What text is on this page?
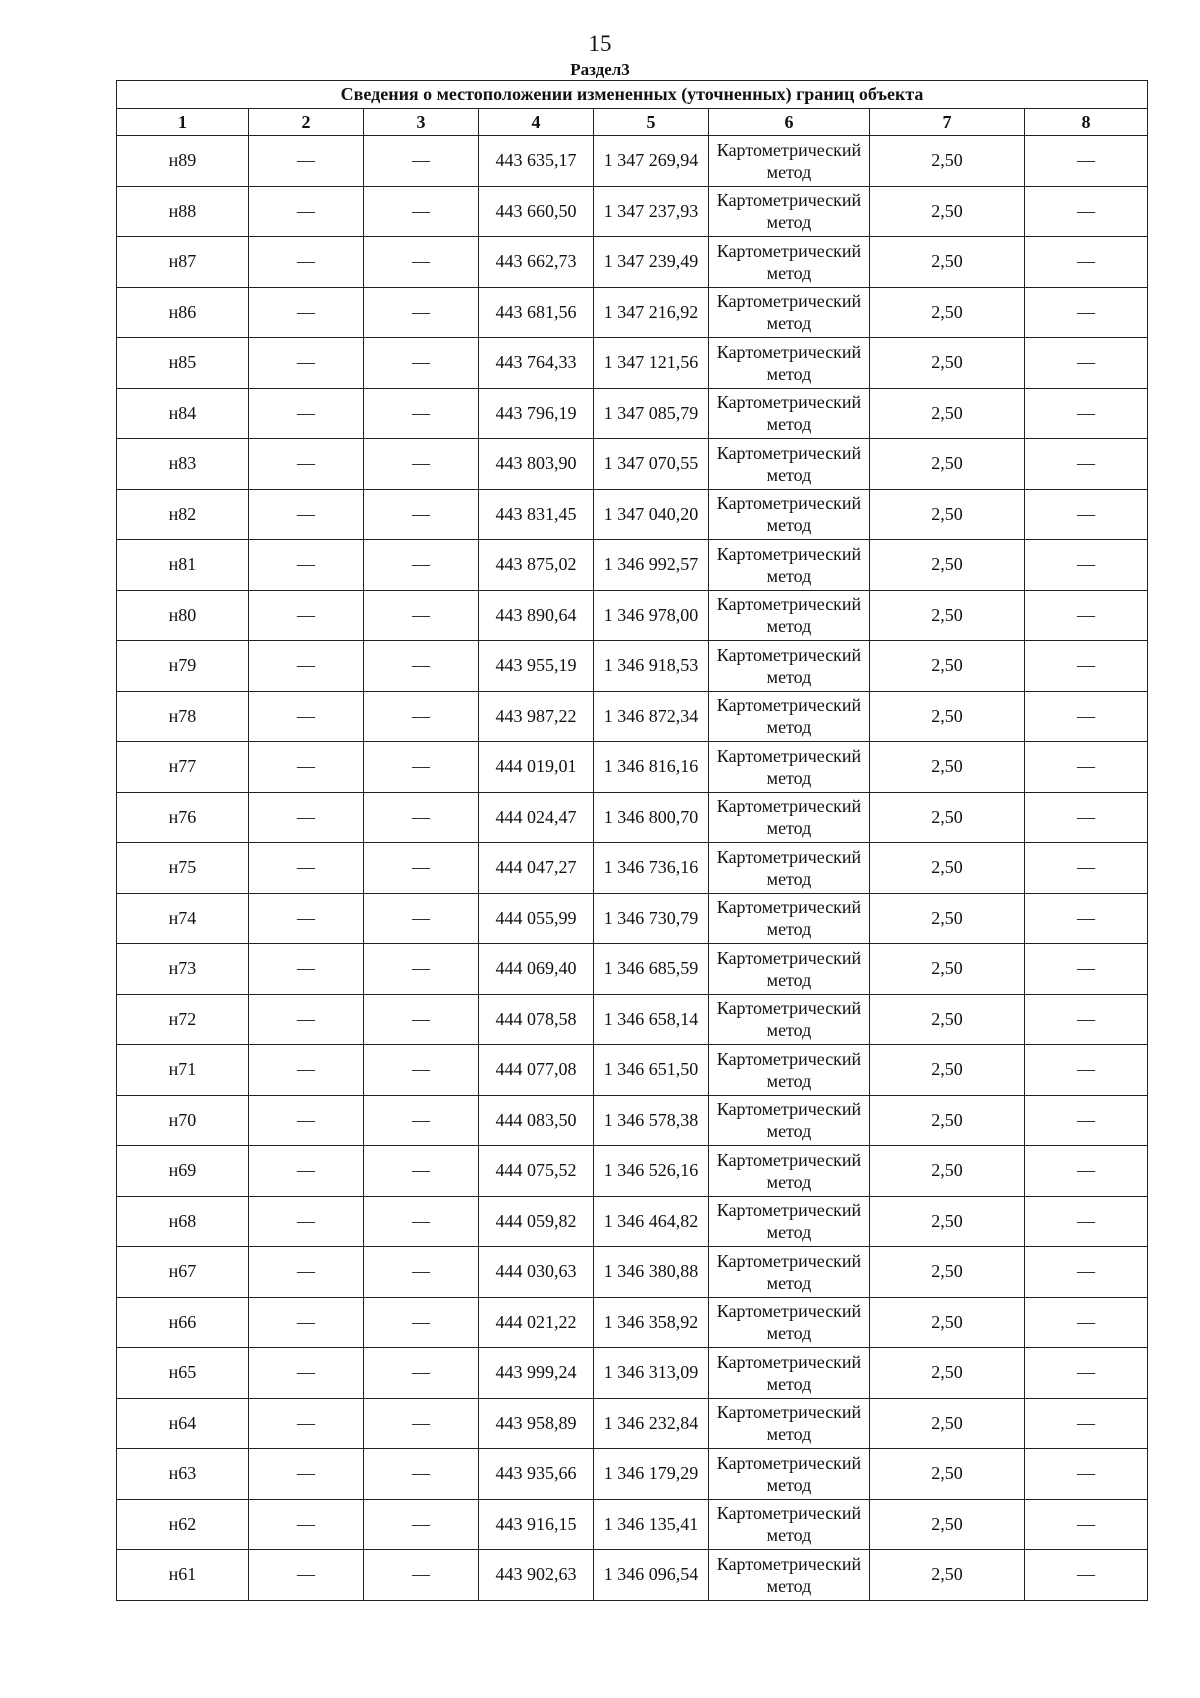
15
Раздел3
Сведения о местоположении измененных (уточненных) границ объекта							
1	2	3	4	5	6	7	8
н89	—	—	443 635,17	1 347 269,94	Картометрический метод	2,50	—
н88	—	—	443 660,50	1 347 237,93	Картометрический метод	2,50	—
н87	—	—	443 662,73	1 347 239,49	Картометрический метод	2,50	—
н86	—	—	443 681,56	1 347 216,92	Картометрический метод	2,50	—
н85	—	—	443 764,33	1 347 121,56	Картометрический метод	2,50	—
н84	—	—	443 796,19	1 347 085,79	Картометрический метод	2,50	—
н83	—	—	443 803,90	1 347 070,55	Картометрический метод	2,50	—
н82	—	—	443 831,45	1 347 040,20	Картометрический метод	2,50	—
н81	—	—	443 875,02	1 346 992,57	Картометрический метод	2,50	—
н80	—	—	443 890,64	1 346 978,00	Картометрический метод	2,50	—
н79	—	—	443 955,19	1 346 918,53	Картометрический метод	2,50	—
н78	—	—	443 987,22	1 346 872,34	Картометрический метод	2,50	—
н77	—	—	444 019,01	1 346 816,16	Картометрический метод	2,50	—
н76	—	—	444 024,47	1 346 800,70	Картометрический метод	2,50	—
н75	—	—	444 047,27	1 346 736,16	Картометрический метод	2,50	—
н74	—	—	444 055,99	1 346 730,79	Картометрический метод	2,50	—
н73	—	—	444 069,40	1 346 685,59	Картометрический метод	2,50	—
н72	—	—	444 078,58	1 346 658,14	Картометрический метод	2,50	—
н71	—	—	444 077,08	1 346 651,50	Картометрический метод	2,50	—
н70	—	—	444 083,50	1 346 578,38	Картометрический метод	2,50	—
н69	—	—	444 075,52	1 346 526,16	Картометрический метод	2,50	—
н68	—	—	444 059,82	1 346 464,82	Картометрический метод	2,50	—
н67	—	—	444 030,63	1 346 380,88	Картометрический метод	2,50	—
н66	—	—	444 021,22	1 346 358,92	Картометрический метод	2,50	—
н65	—	—	443 999,24	1 346 313,09	Картометрический метод	2,50	—
н64	—	—	443 958,89	1 346 232,84	Картометрический метод	2,50	—
н63	—	—	443 935,66	1 346 179,29	Картометрический метод	2,50	—
н62	—	—	443 916,15	1 346 135,41	Картометрический метод	2,50	—
н61	—	—	443 902,63	1 346 096,54	Картометрический метод	2,50	—
